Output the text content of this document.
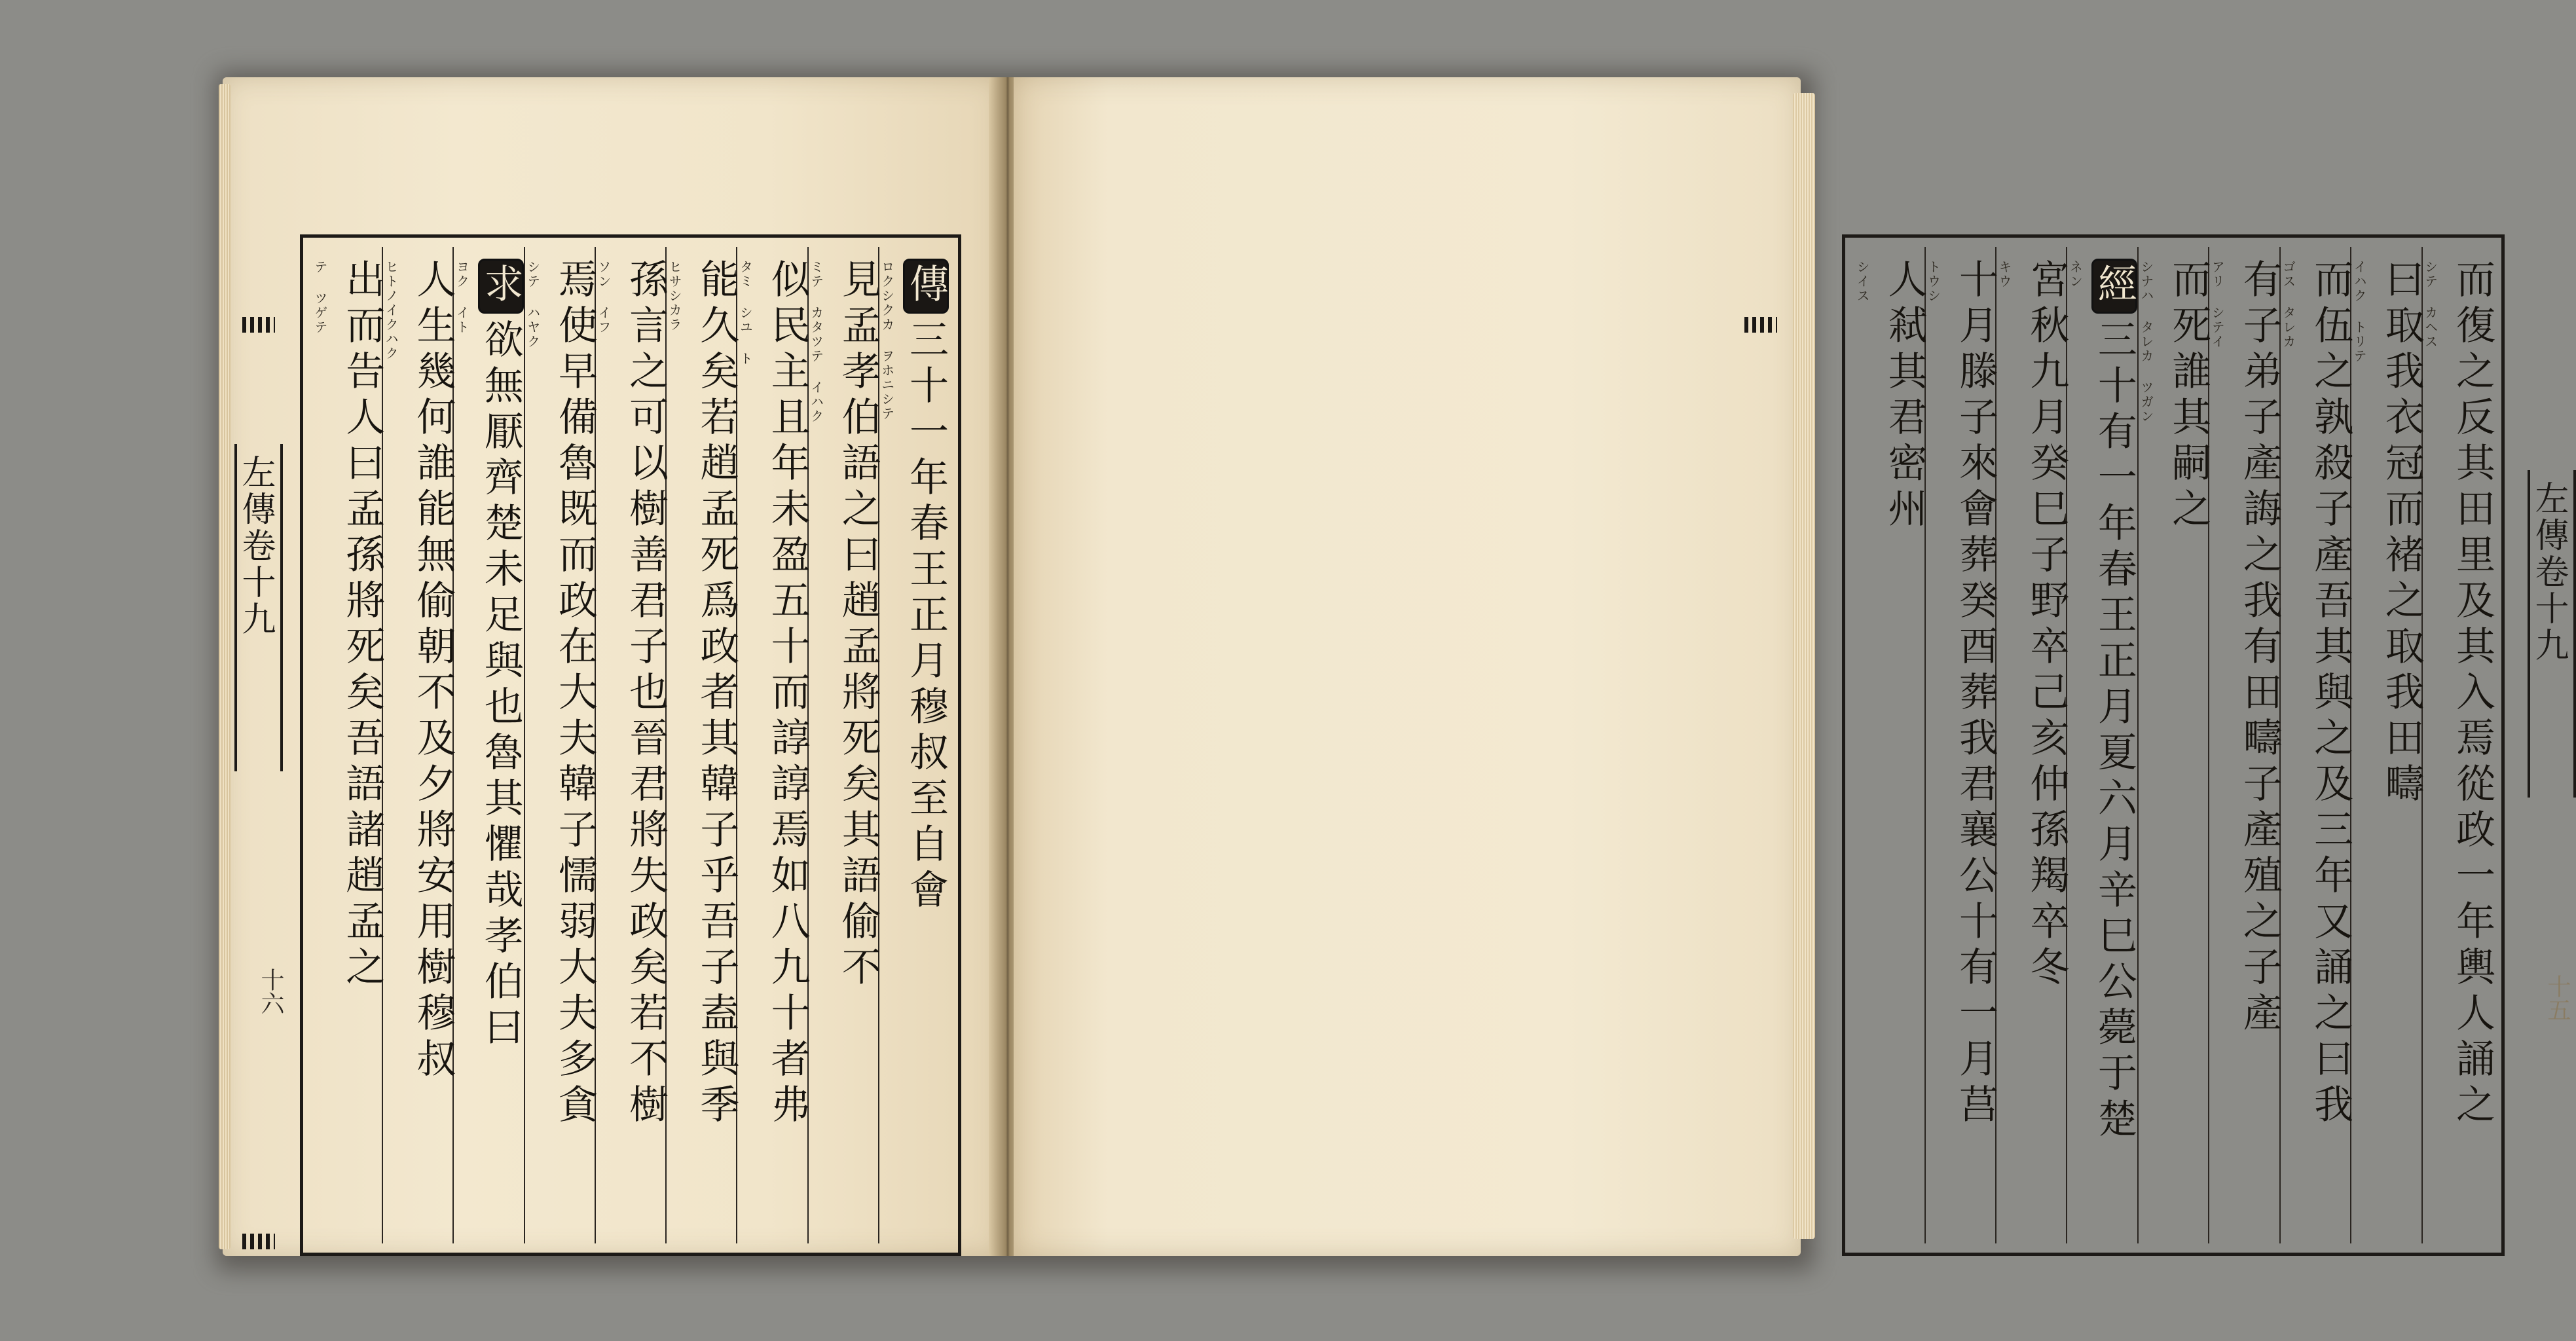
左傳卷十九
十六
傳三十一年春王正月穆叔至自會
ロクシクカ ヲホニシテ
見孟孝伯語之曰趙孟將死矣其語偷不
ミテ カタツテ イハク
似民主且年未盈五十而諄諄焉如八九十者弗
タミ シユ ト
能久矣若趙孟死爲政者其韓子乎吾子盍與季
ヒサシカラ
孫言之可以樹善君子也晉君將失政矣若不樹
ソン イフ
焉使早備魯既而政在大夫韓子懦弱大夫多貪
シテ ハヤク
求欲無厭齊楚未足與也魯其懼哉孝伯曰
ヨク イト
人生幾何誰能無偷朝不及夕將安用樹穆叔
ヒトノイクハク
出而告人曰孟孫將死矣吾語諸趙孟之
テ ツゲテ	而復之反其田里及其入焉從政一年輿人誦之
シテ カヘス
曰取我衣冠而褚之取我田疇
イハク トリテ
而伍之孰殺子產吾其與之及三年又誦之曰我
ゴス タレカ
有子弟子產誨之我有田疇子產殖之子產
アリ シテイ
而死誰其嗣之
シナハ タレカ ツガン
經三十有一年春王正月夏六月辛巳公薨于楚
ネン
宮秋九月癸巳子野卒己亥仲孫羯卒冬
キウ
十月滕子來會葬癸酉葬我君襄公十有一月莒
トウシ
人弒其君密州
シイス
左傳卷十九
十五
